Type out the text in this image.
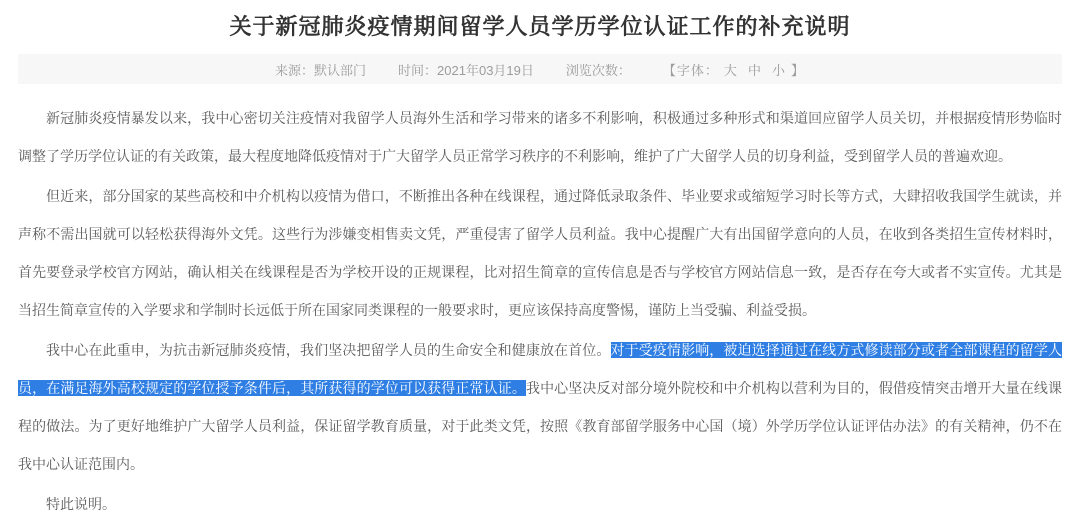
关于新冠肺炎疫情期间留学人员学历学位认证工作的补充说明
来源： 默认部门 时间： 2021年03月19日 浏览次数： 【字体： 大 中 小 】

新冠肺炎疫情暴发以来，我中心密切关注疫情对我留学人员海外生活和学习带来的诸多不利影响，积极通过多种形式和渠道回应留学人员关切，并根据疫情形势临时调整了学历学位认证的有关政策，最大程度地降低疫情对于广大留学人员正常学习秩序的不利影响，维护了广大留学人员的切身利益，受到留学人员的普遍欢迎。

但近来，部分国家的某些高校和中介机构以疫情为借口，不断推出各种在线课程，通过降低录取条件、毕业要求或缩短学习时长等方式，大肆招收我国学生就读，并声称不需出国就可以轻松获得海外文凭。这些行为涉嫌变相售卖文凭，严重侵害了留学人员利益。我中心提醒广大有出国留学意向的人员，在收到各类招生宣传材料时，首先要登录学校官方网站，确认相关在线课程是否为学校开设的正规课程，比对招生简章的宣传信息是否与学校官方网站信息一致，是否存在夸大或者不实宣传。尤其是当招生简章宣传的入学要求和学制时长远低于所在国家同类课程的一般要求时，更应该保持高度警惕，谨防上当受骗、利益受损。

我中心在此重申，为抗击新冠肺炎疫情，我们坚决把留学人员的生命安全和健康放在首位。对于受疫情影响，被迫选择通过在线方式修读部分或者全部课程的留学人员，在满足海外高校规定的学位授予条件后，其所获得的学位可以获得正常认证。我中心坚决反对部分境外院校和中介机构以营利为目的，假借疫情突击增开大量在线课程的做法。为了更好地维护广大留学人员利益，保证留学教育质量，对于此类文凭，按照《教育部留学服务中心国（境）外学历学位认证评估办法》的有关精神，仍不在我中心认证范围内。

特此说明。
